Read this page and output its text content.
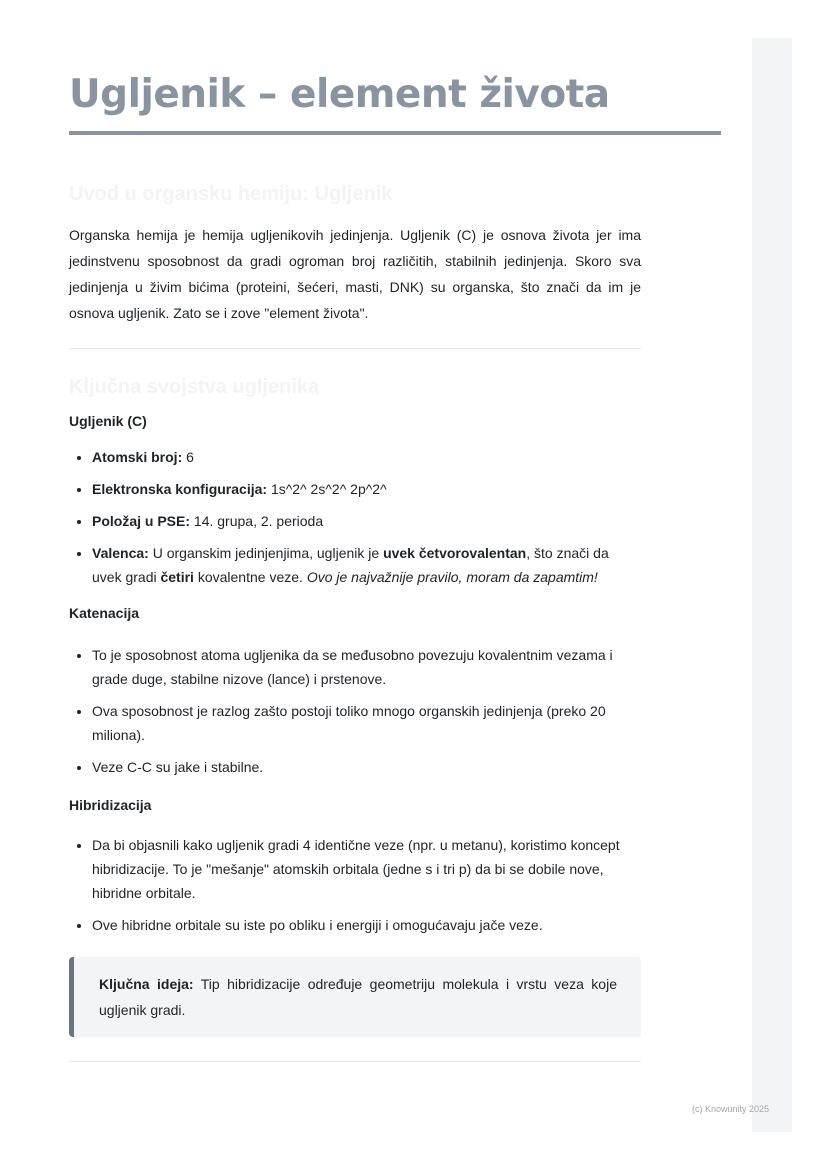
Ugljenik – element života
Uvod u organsku hemiju: Ugljenik

Organska hemija je hemija ugljenikovih jedinjenja. Ugljenik (C) je osnova života jer ima jedinstvenu sposobnost da gradi ogroman broj različitih, stabilnih jedinjenja. Skoro sva jedinjenja u živim bićima (proteini, šećeri, masti, DNK) su organska, što znači da im je osnova ugljenik. Zato se i zove "element života".

Ključna svojstva ugljenika
Ugljenik (C)
• Atomski broj: 6
• Elektronska konfiguracija: 1s^2^ 2s^2^ 2p^2^
• Položaj u PSE: 14. grupa, 2. perioda
• Valenca: U organskim jedinjenjima, ugljenik je uvek četvorovalentan, što znači da uvek gradi četiri kovalentne veze. Ovo je najvažnije pravilo, moram da zapamtim!
Katenacija
• To je sposobnost atoma ugljenika da se međusobno povezuju kovalentnim vezama i grade duge, stabilne nizove (lance) i prstenove.
• Ova sposobnost je razlog zašto postoji toliko mnogo organskih jedinjenja (preko 20 miliona).
• Veze C-C su jake i stabilne.
Hibridizacija
• Da bi objasnili kako ugljenik gradi 4 identične veze (npr. u metanu), koristimo koncept hibridizacije. To je "mešanje" atomskih orbitala (jedne s i tri p) da bi se dobile nove, hibridne orbitale.
• Ove hibridne orbitale su iste po obliku i energiji i omogućavaju jače veze.
Ključna ideja: Tip hibridizacije određuje geometriju molekula i vrstu veza koje ugljenik gradi.
(c) Knowunity 2025
